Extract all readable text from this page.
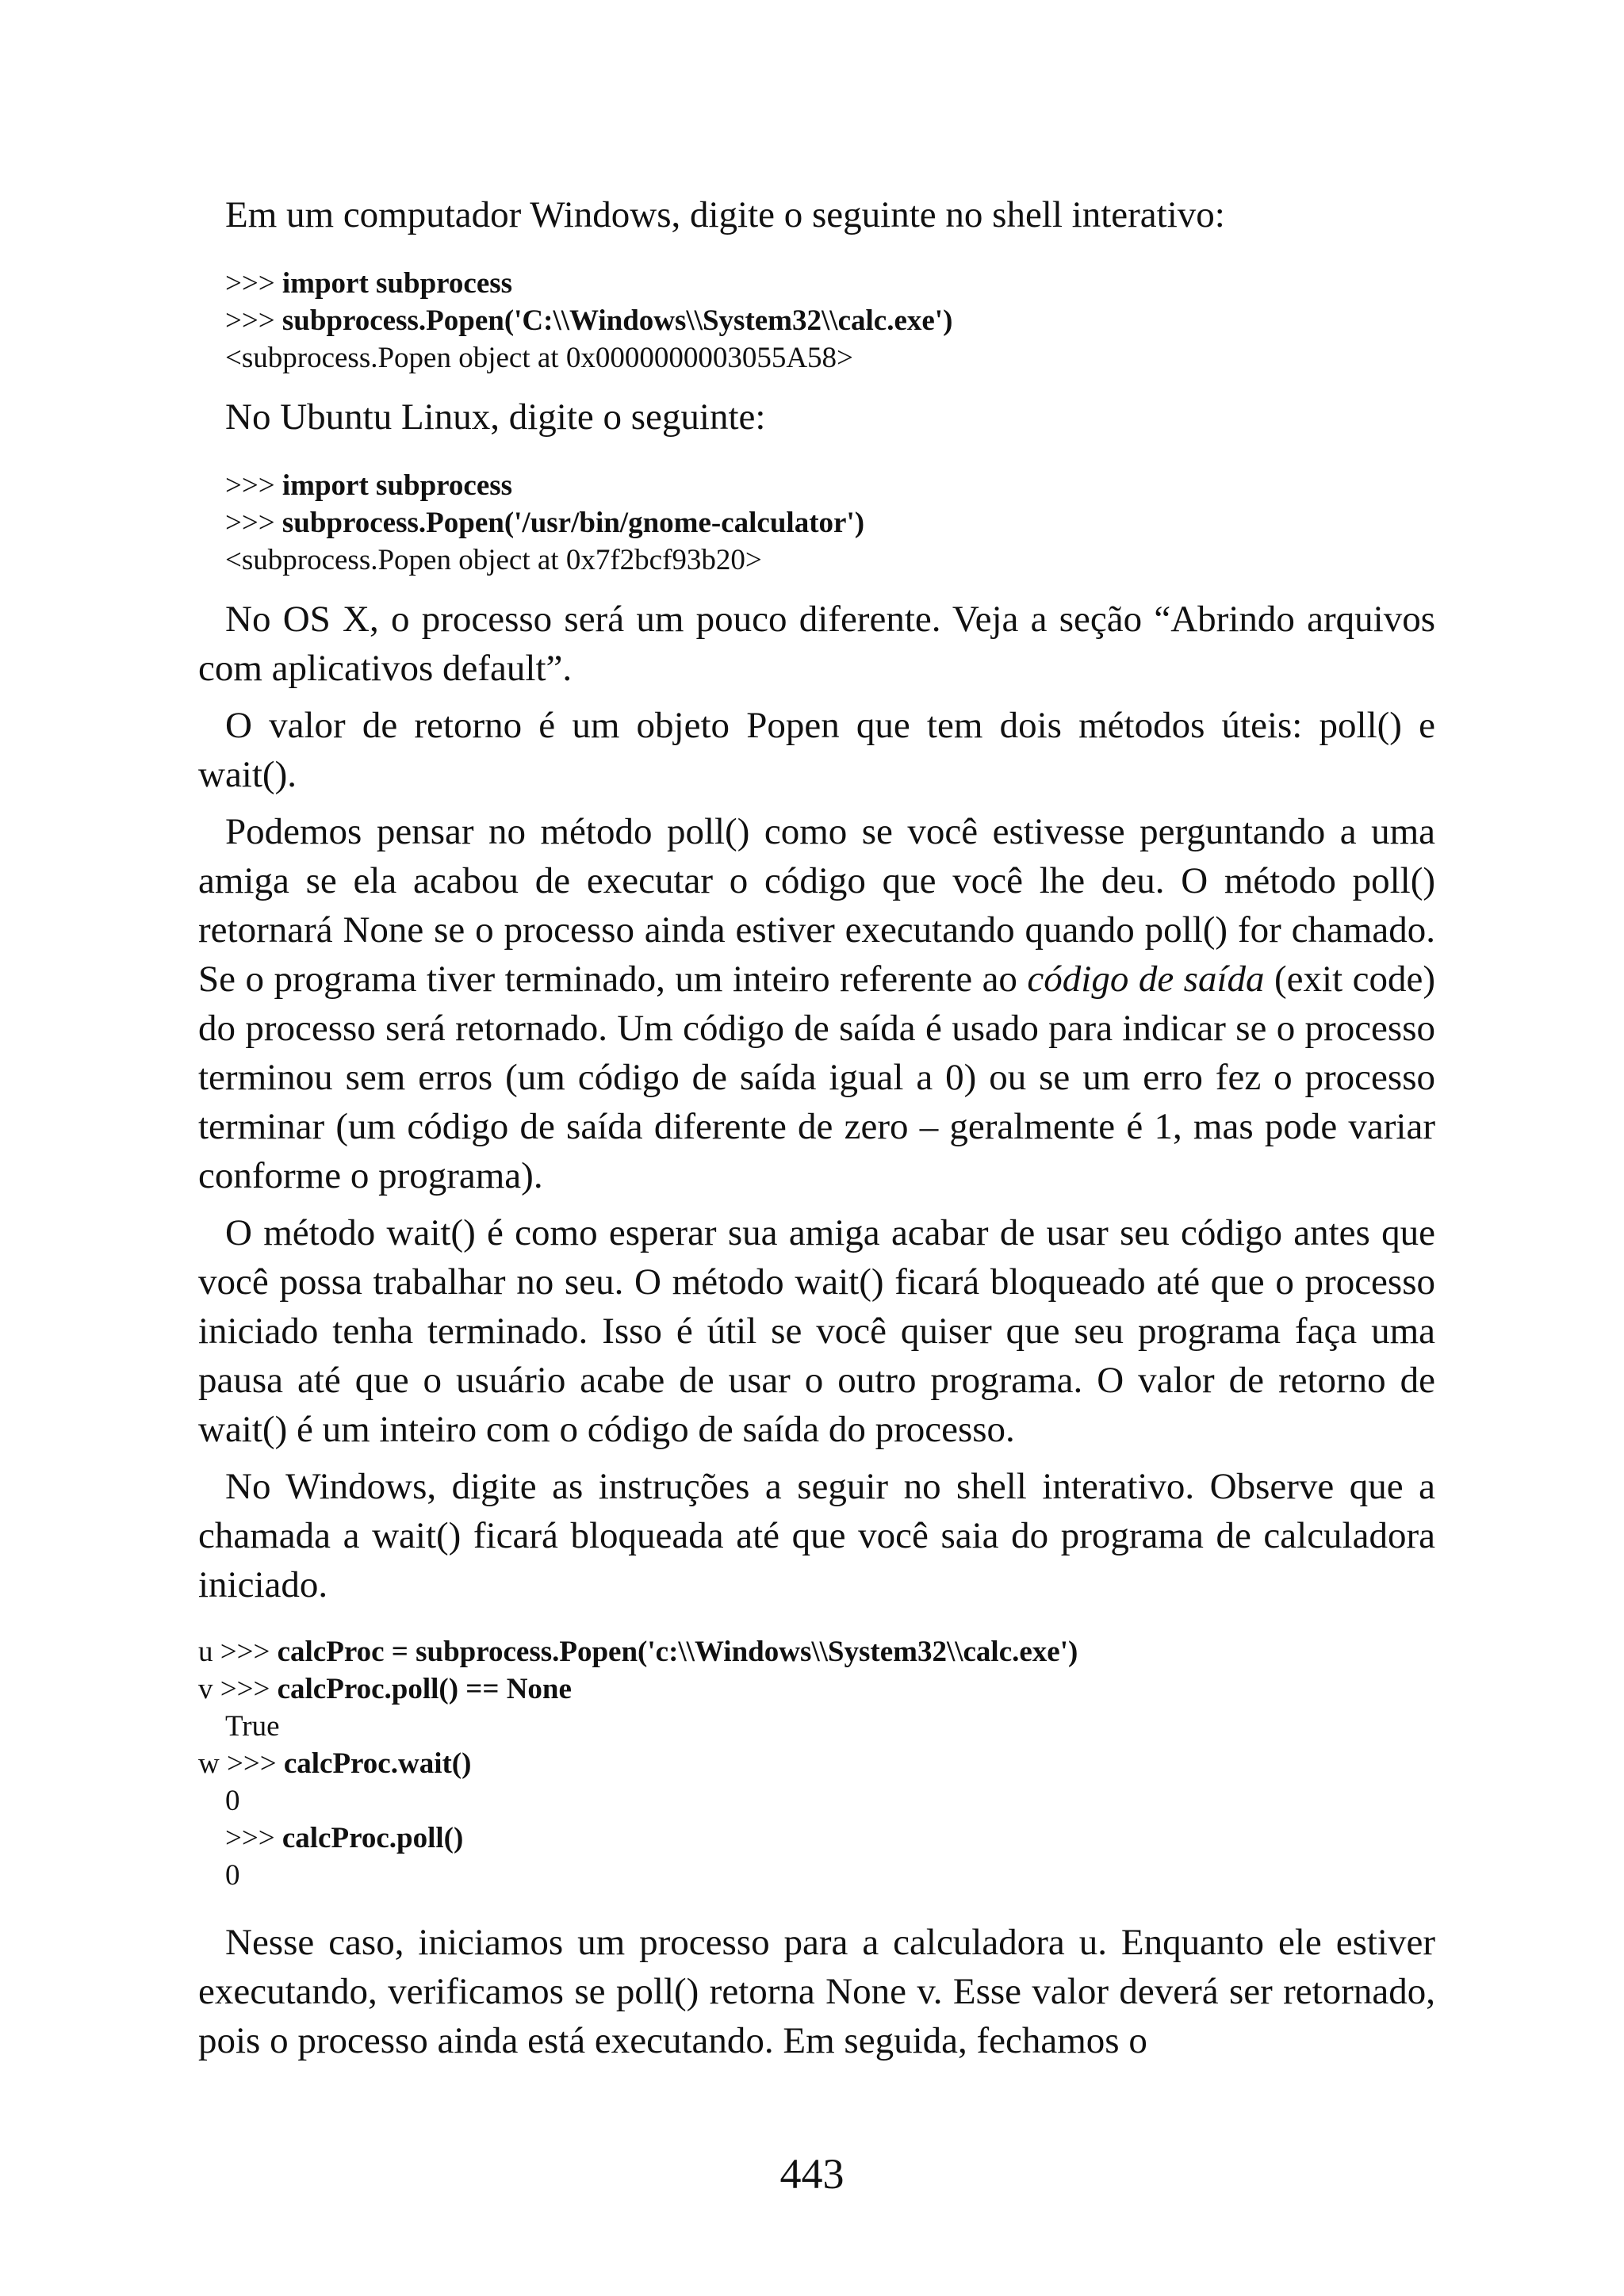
Em um computador Windows, digite o seguinte no shell interativo:

>>> import subprocess
>>> subprocess.Popen('C:\\Windows\\System32\\calc.exe')
<subprocess.Popen object at 0x0000000003055A58>

No Ubuntu Linux, digite o seguinte:

>>> import subprocess
>>> subprocess.Popen('/usr/bin/gnome-calculator')
<subprocess.Popen object at 0x7f2bcf93b20>

No OS X, o processo será um pouco diferente. Veja a seção “Abrindo arquivos com aplicativos default”.

O valor de retorno é um objeto Popen que tem dois métodos úteis: poll() e wait().

Podemos pensar no método poll() como se você estivesse perguntando a uma amiga se ela acabou de executar o código que você lhe deu. O método poll() retornará None se o processo ainda estiver executando quando poll() for chamado. Se o programa tiver terminado, um inteiro referente ao código de saída (exit code) do processo será retornado. Um código de saída é usado para indicar se o processo terminou sem erros (um código de saída igual a 0) ou se um erro fez o processo terminar (um código de saída diferente de zero – geralmente é 1, mas pode variar conforme o programa).

O método wait() é como esperar sua amiga acabar de usar seu código antes que você possa trabalhar no seu. O método wait() ficará bloqueado até que o processo iniciado tenha terminado. Isso é útil se você quiser que seu programa faça uma pausa até que o usuário acabe de usar o outro programa. O valor de retorno de wait() é um inteiro com o código de saída do processo.

No Windows, digite as instruções a seguir no shell interativo. Observe que a chamada a wait() ficará bloqueada até que você saia do programa de calculadora iniciado.

u >>> calcProc = subprocess.Popen('c:\\Windows\\System32\\calc.exe')
v >>> calcProc.poll() == None
True
w >>> calcProc.wait()
0
>>> calcProc.poll()
0

Nesse caso, iniciamos um processo para a calculadora u. Enquanto ele estiver executando, verificamos se poll() retorna None v. Esse valor deverá ser retornado, pois o processo ainda está executando. Em seguida, fechamos o

443
